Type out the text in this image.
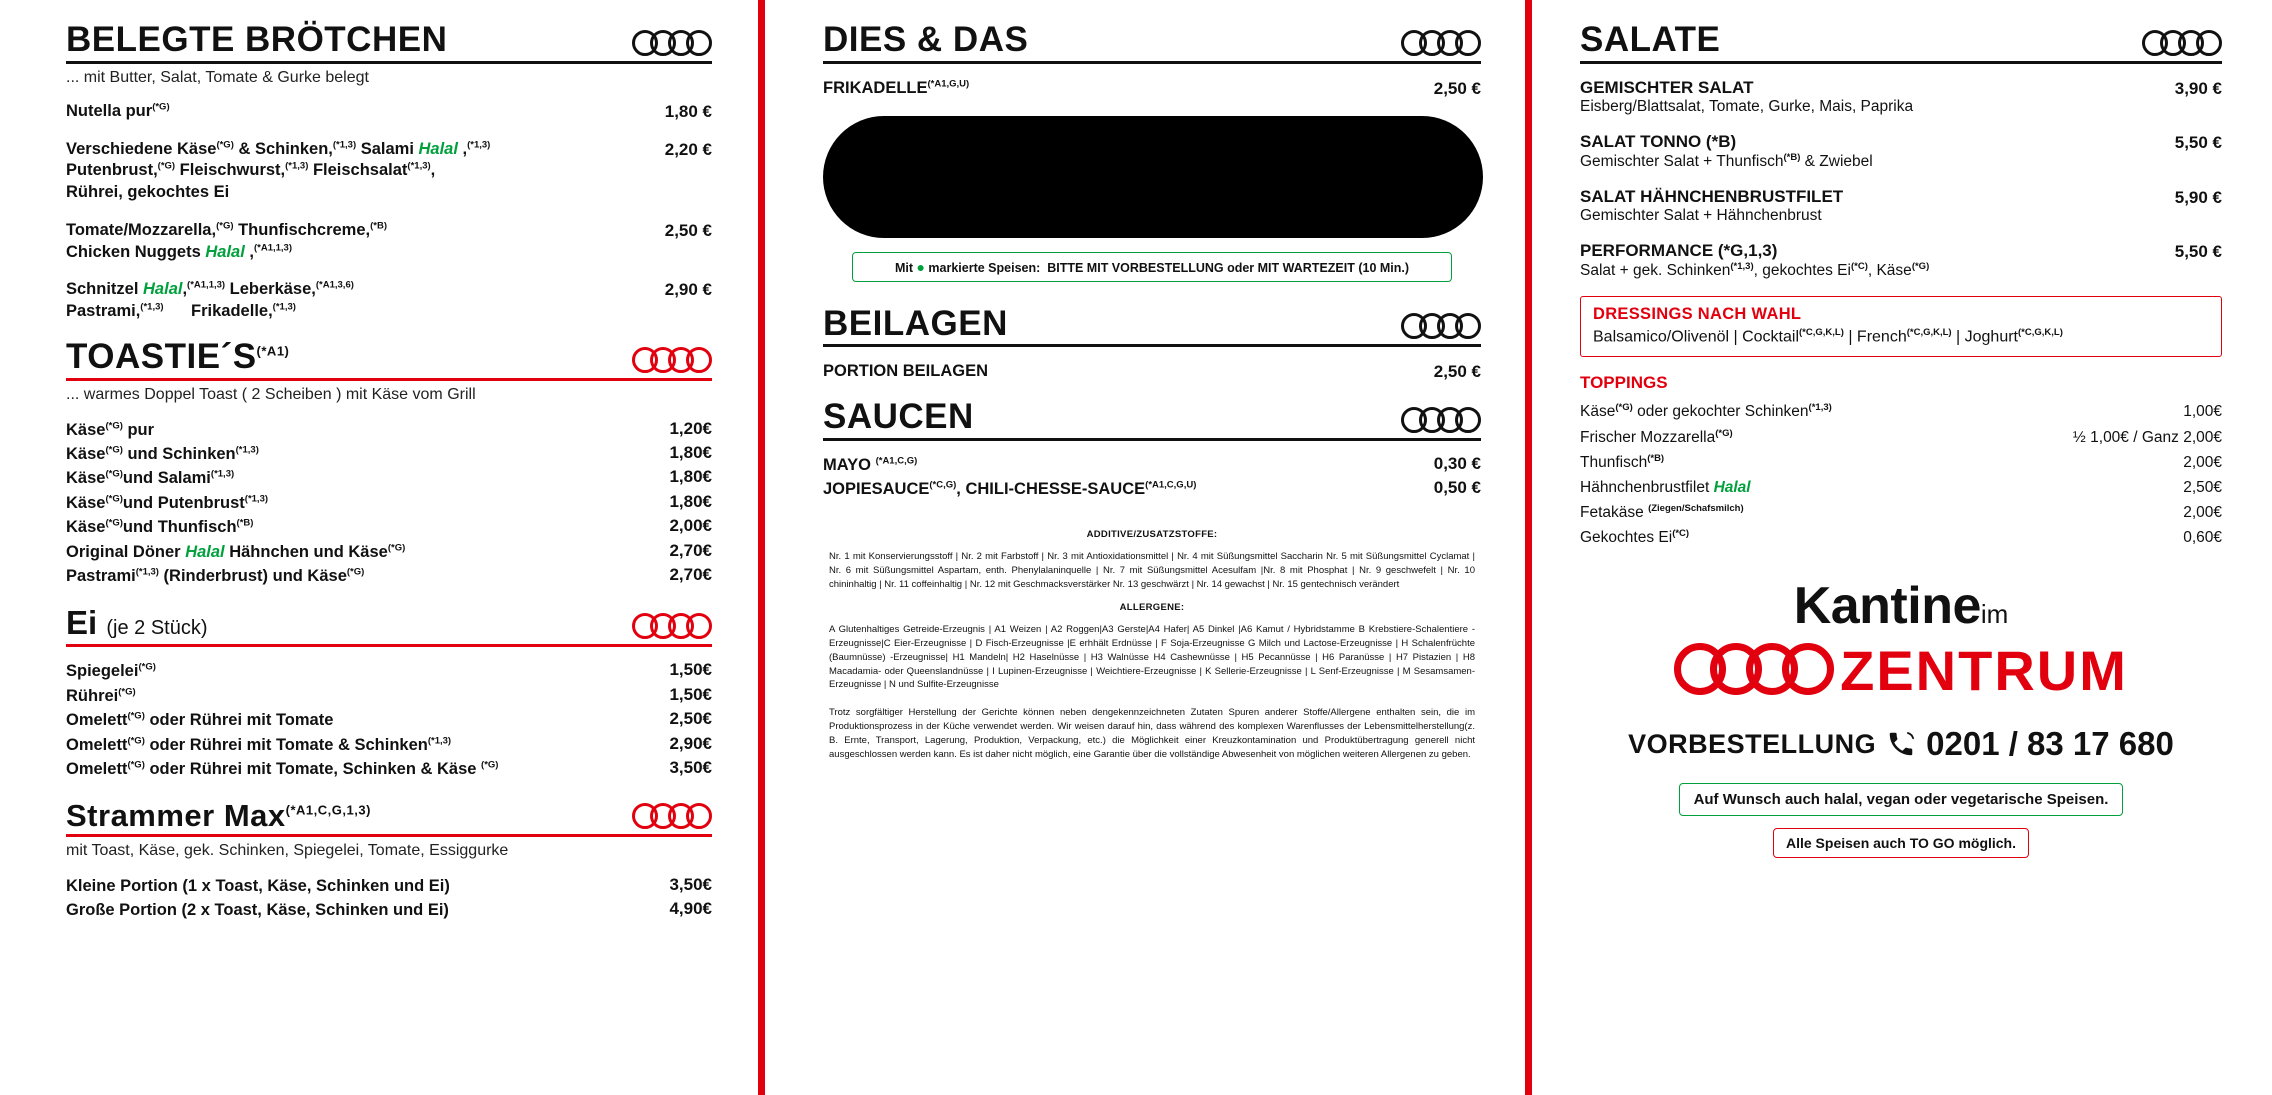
BELEGTE BRÖTCHEN
... mit Butter, Salat, Tomate & Gurke belegt
Nutella pur$^{(*G)}$	1,80 €
Verschiedene Käse$^{(*G)}$ & Schinken,$^{(*1,3)}$ Salami Halal ,$^{(*1,3)}$
Putenbrust,$^{(*G)}$ Fleischwurst,$^{(*1,3)}$ Fleischsalat$^{(*1,3)}$,
Rührei, gekochtes Ei
2,20 €
Tomate/Mozzarella,$^{(*G)}$ Thunfischcreme,$^{(*B)}$
Chicken Nuggets Halal ,$^{(*A1,1,3)}$
2,50 €
Schnitzel Halal,$^{(*A1,1,3)}$ Leberkäse,$^{(*A1,3,6)}$
Pastrami,$^{(*1,3)}$      Frikadelle,$^{(*1,3)}$
2,90 €
$TOASTIE´S^{(*A1)}$
... warmes Doppel Toast ( 2 Scheiben ) mit Käse vom Grill
Käse$^{(*G)}$ pur	1,20€
Käse$^{(*G)}$ und Schinken$^{(*1,3)}$	1,80€
Käse$^{(*G)}$und Salami$^{(*1,3)}$	1,80€
Käse$^{(*G)}$und Putenbrust$^{(*1,3)}$	1,80€
Käse$^{(*G)}$und Thunfisch$^{(*B)}$	2,00€
Original Döner Halal Hähnchen und Käse$^{(*G)}$	2,70€
Pastrami$^{(*1,3)}$ (Rinderbrust) und Käse$^{(*G)}$	2,70€
Ei (je 2 Stück)
Spiegelei$^{(*G)}$	1,50€
Rührei$^{(*G)}$	1,50€
Omelett$^{(*G)}$ oder Rührei mit Tomate	2,50€
Omelett$^{(*G)}$ oder Rührei mit Tomate & Schinken$^{(*1,3)}$	2,90€
Omelett$^{(*G)}$ oder Rührei mit Tomate, Schinken & Käse $^{(*G)}$	3,50€
Strammer Max$^{(*A1,C,G,1,3)}$
mit Toast, Käse, gek. Schinken, Spiegelei, Tomate, Essiggurke
Kleine Portion (1 x Toast, Käse, Schinken und Ei)	3,50€
Große Portion (2 x Toast, Käse, Schinken und Ei)	4,90€
DIES & DAS
$FRIKADELLE^{(*A1,G,U)}$	2,50 €
Mit ● markierte Speisen:  BITTE MIT VORBESTELLUNG oder MIT WARTEZEIT (10 Min.)
BEILAGEN
PORTION BEILAGEN	2,50 €
SAUCEN
MAYO $^{(*A1,C,G)}$	0,30 €
$JOPIESAUCE^{(*C,G)}$, CHILI-$CHESSE-SAUCE^{(*A1,C,G,U)}$	0,50 €

ADDITIVE/ZUSATZSTOFFE:

Nr. 1 mit Konservierungsstoff | Nr. 2 mit Farbstoff | Nr. 3 mit Antioxidationsmittel | Nr. 4 mit Süßungsmittel Saccharin Nr. 5 mit Süßungsmittel Cyclamat | Nr. 6 mit Süßungsmittel Aspartam, enth. Phenylalaninquelle | Nr. 7 mit Süßungsmittel Acesulfam |Nr. 8 mit Phosphat | Nr. 9 geschwefelt | Nr. 10 chininhaltig | Nr. 11 coffeinhaltig | Nr. 12 mit Geschmacksverstärker Nr. 13 geschwärzt | Nr. 14 gewachst | Nr. 15 gentechnisch verändert

ALLERGENE:

A Glutenhaltiges Getreide-Erzeugnis | A1 Weizen | A2 Roggen|A3 Gerste|A4 Hafer| A5 Dinkel |A6 Kamut / Hybridstamme B Krebstiere-Schalentiere - Erzeugnisse|C Eier-Erzeugnisse | D Fisch-Erzeugnisse |E erhhält Erdnüsse | F Soja-Erzeugnisse G Milch und Lactose-Erzeugnisse | H Schalenfrüchte (Baumnüsse) -Erzeugnisse| H1 Mandeln| H2 Haselnüsse | H3 Walnüsse H4 Cashewnüsse | H5 Pecannüsse | H6 Paranüsse | H7 Pistazien | H8 Macadamia- oder Queenslandnüsse | I Lupinen-Erzeugnisse | Weichtiere-Erzeugnisse | K Sellerie-Erzeugnisse | L Senf-Erzeugnisse | M Sesamsamen-Erzeugnisse | N und Sulfite-Erzeugnisse

Trotz sorgfältiger Herstellung der Gerichte können neben dengekennzeichneten Zutaten Spuren anderer Stoffe/Allergene enthalten sein, die im Produktionsprozess in der Küche verwendet werden. Wir weisen darauf hin, dass während des komplexen Warenflusses der Lebensmittelherstellung(z. B. Ernte, Transport, Lagerung, Produktion, Verpackung, etc.) die Möglichkeit einer Kreuzkontamination und Produktübertragung generell nicht ausgeschlossen werden kann. Es ist daher nicht möglich, eine Garantie über die vollständige Abwesenheit von möglichen weiteren Allergenen zu geben.

SALATE
GEMISCHTER SALAT
Eisberg/Blattsalat, Tomate, Gurke, Mais, Paprika
3,90 €
SALAT TONNO (*B)
Gemischter Salat + Thunfisch$^{(*B)}$ & Zwiebel
5,50 €
SALAT HÄHNCHENBRUSTFILET
Gemischter Salat + Hähnchenbrust
5,90 €
PERFORMANCE (*G,1,3)
Salat + gek. Schinken$^{(*1,3)}$, gekochtes $Ei^{(*C)}$, Käse$^{(*G)}$
5,50 €
DRESSINGS NACH WAHL
Balsamico/Olivenöl | Cocktail$^{(*C,G,K,L)}$ | French$^{(*C,G,K,L)}$ | Joghurt$^{(*C,G,K,L)}$
TOPPINGS
Käse$^{(*G)}$ oder gekochter Schinken$^{(*1,3)}$	1,00€
Frischer Mozzarella$^{(*G)}$	½ 1,00€ / Ganz 2,00€
Thunfisch$^{(*B)}$	2,00€
Hähnchenbrustfilet Halal	2,50€
Fetakäse $^{(Ziegen/Schafsmilch)}$	2,00€
Gekochtes $Ei^{(*C)}$	0,60€
Kantineim
ZENTRUM
VORBESTELLUNG 0201 / 83 17 680
Auf Wunsch auch halal, vegan oder vegetarische Speisen. Alle Speisen auch TO GO möglich.
